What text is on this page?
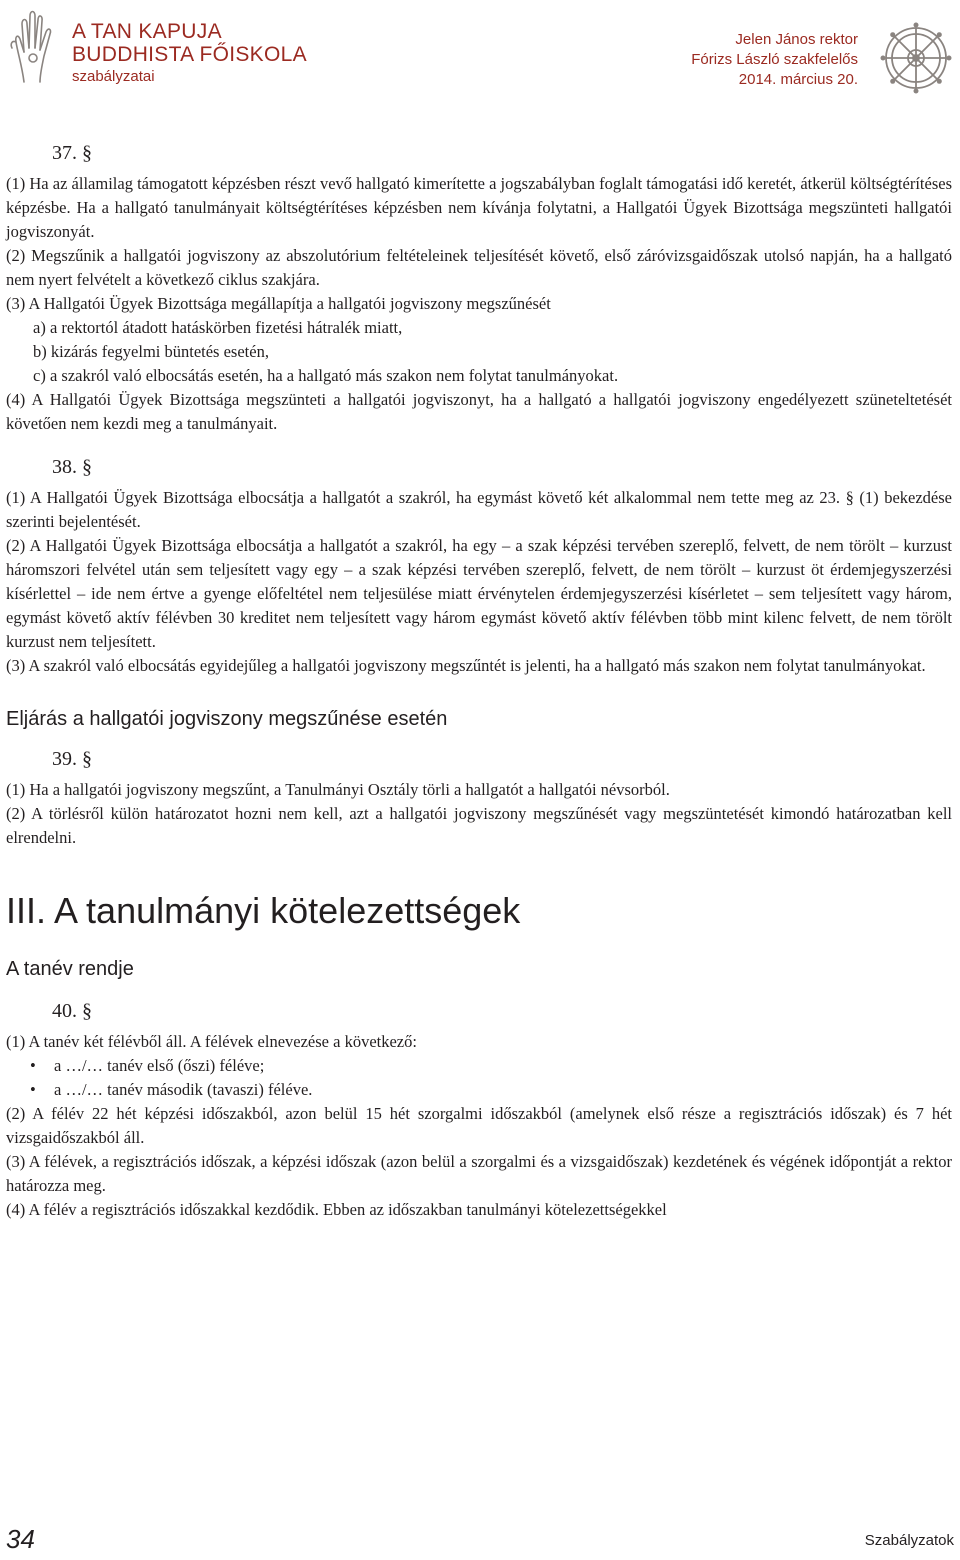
A TAN KAPUJA
BUDDHISTA FŐISKOLA
szabályzatai
Jelen János rektor
Fórizs László szakfelelős
2014. március 20.
37. §

(1) Ha az államilag támogatott képzésben részt vevő hallgató kimerítette a jogszabályban foglalt támogatási idő keretét, átkerül költségtérítéses képzésbe. Ha a hallgató tanulmányait költségtérítéses képzésben nem kívánja folytatni, a Hallgatói Ügyek Bizottsága megszünteti hallgatói jogviszonyát.

(2) Megszűnik a hallgatói jogviszony az abszolutórium feltételeinek teljesítését követő, első záróvizsgaidőszak utolsó napján, ha a hallgató nem nyert felvételt a következő ciklus szakjára.

(3) A Hallgatói Ügyek Bizottsága megállapítja a hallgatói jogviszony megszűnését

a) a rektortól átadott hatáskörben fizetési hátralék miatt,

b) kizárás fegyelmi büntetés esetén,

c) a szakról való elbocsátás esetén, ha a hallgató más szakon nem folytat tanulmányokat.

(4) A Hallgatói Ügyek Bizottsága megszünteti a hallgatói jogviszonyt, ha a hallgató a hallgatói jogviszony engedélyezett szüneteltetését követően nem kezdi meg a tanulmányait.

38. §

(1) A Hallgatói Ügyek Bizottsága elbocsátja a hallgatót a szakról, ha egymást követő két alkalommal nem tette meg az 23. § (1) bekezdése szerinti bejelentését.

(2) A Hallgatói Ügyek Bizottsága elbocsátja a hallgatót a szakról, ha egy – a szak képzési tervében szereplő, felvett, de nem törölt – kurzust háromszori felvétel után sem teljesített vagy egy – a szak képzési tervében szereplő, felvett, de nem törölt – kurzust öt érdemjegyszerzési kísérlettel – ide nem értve a gyenge előfeltétel nem teljesülése miatt érvénytelen érdemjegyszerzési kísérletet – sem teljesített vagy három, egymást követő aktív félévben 30 kreditet nem teljesített vagy három egymást követő aktív félévben több mint kilenc felvett, de nem törölt kurzust nem teljesített.

(3) A szakról való elbocsátás egyidejűleg a hallgatói jogviszony megszűntét is jelenti, ha a hallgató más szakon nem folytat tanulmányokat.

Eljárás a hallgatói jogviszony megszűnése esetén
39. §

(1) Ha a hallgatói jogviszony megszűnt, a Tanulmányi Osztály törli a hallgatót a hallgatói névsorból.

(2) A törlésről külön határozatot hozni nem kell, azt a hallgatói jogviszony megszűnését vagy megszüntetését kimondó határozatban kell elrendelni.

III. A tanulmányi kötelezettségek
A tanév rendje
40. §

(1) A tanév két félévből áll. A félévek elnevezése a következő:

• a …/… tanév első (őszi) féléve;
• a …/… tanév második (tavaszi) féléve.

(2) A félév 22 hét képzési időszakból, azon belül 15 hét szorgalmi időszakból (amelynek első része a regisztrációs időszak) és 7 hét vizsgaidőszakból áll.

(3) A félévek, a regisztrációs időszak, a képzési időszak (azon belül a szorgalmi és a vizsgaidőszak) kezdetének és végének időpontját a rektor határozza meg.

(4) A félév a regisztrációs időszakkal kezdődik. Ebben az időszakban tanulmányi kötelezettségekkel

34	Szabályzatok
